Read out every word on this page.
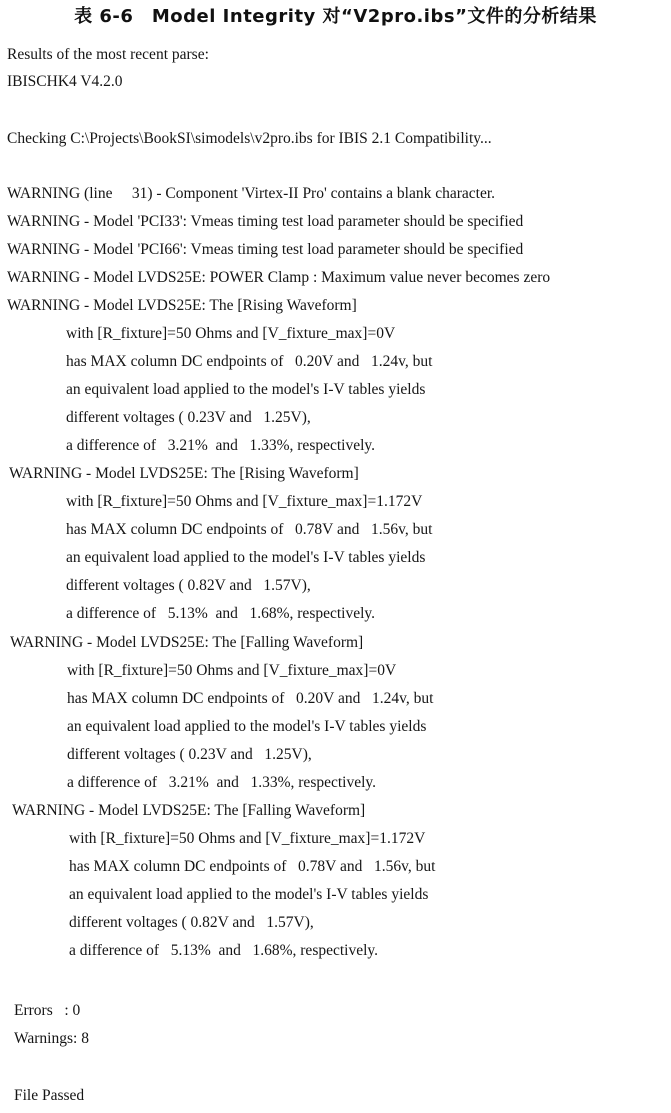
表 6-6　Model Integrity 对“V2pro.ibs”文件的分析结果
Results of the most recent parse:
IBISCHK4 V4.2.0
Checking C:\Projects\BookSI\simodels\v2pro.ibs for IBIS 2.1 Compatibility...
WARNING (line     31) - Component 'Virtex-II Pro' contains a blank character.
WARNING - Model 'PCI33': Vmeas timing test load parameter should be specified
WARNING - Model 'PCI66': Vmeas timing test load parameter should be specified
WARNING - Model LVDS25E: POWER Clamp : Maximum value never becomes zero
WARNING - Model LVDS25E: The [Rising Waveform]
with [R_fixture]=50 Ohms and [V_fixture_max]=0V
has MAX column DC endpoints of   0.20V and   1.24v, but
an equivalent load applied to the model's I-V tables yields
different voltages ( 0.23V and   1.25V),
a difference of   3.21%  and   1.33%, respectively.
WARNING - Model LVDS25E: The [Rising Waveform]
with [R_fixture]=50 Ohms and [V_fixture_max]=1.172V
has MAX column DC endpoints of   0.78V and   1.56v, but
an equivalent load applied to the model's I-V tables yields
different voltages ( 0.82V and   1.57V),
a difference of   5.13%  and   1.68%, respectively.
WARNING - Model LVDS25E: The [Falling Waveform]
with [R_fixture]=50 Ohms and [V_fixture_max]=0V
has MAX column DC endpoints of   0.20V and   1.24v, but
an equivalent load applied to the model's I-V tables yields
different voltages ( 0.23V and   1.25V),
a difference of   3.21%  and   1.33%, respectively.
WARNING - Model LVDS25E: The [Falling Waveform]
with [R_fixture]=50 Ohms and [V_fixture_max]=1.172V
has MAX column DC endpoints of   0.78V and   1.56v, but
an equivalent load applied to the model's I-V tables yields
different voltages ( 0.82V and   1.57V),
a difference of   5.13%  and   1.68%, respectively.
Errors   : 0
Warnings: 8
File Passed
